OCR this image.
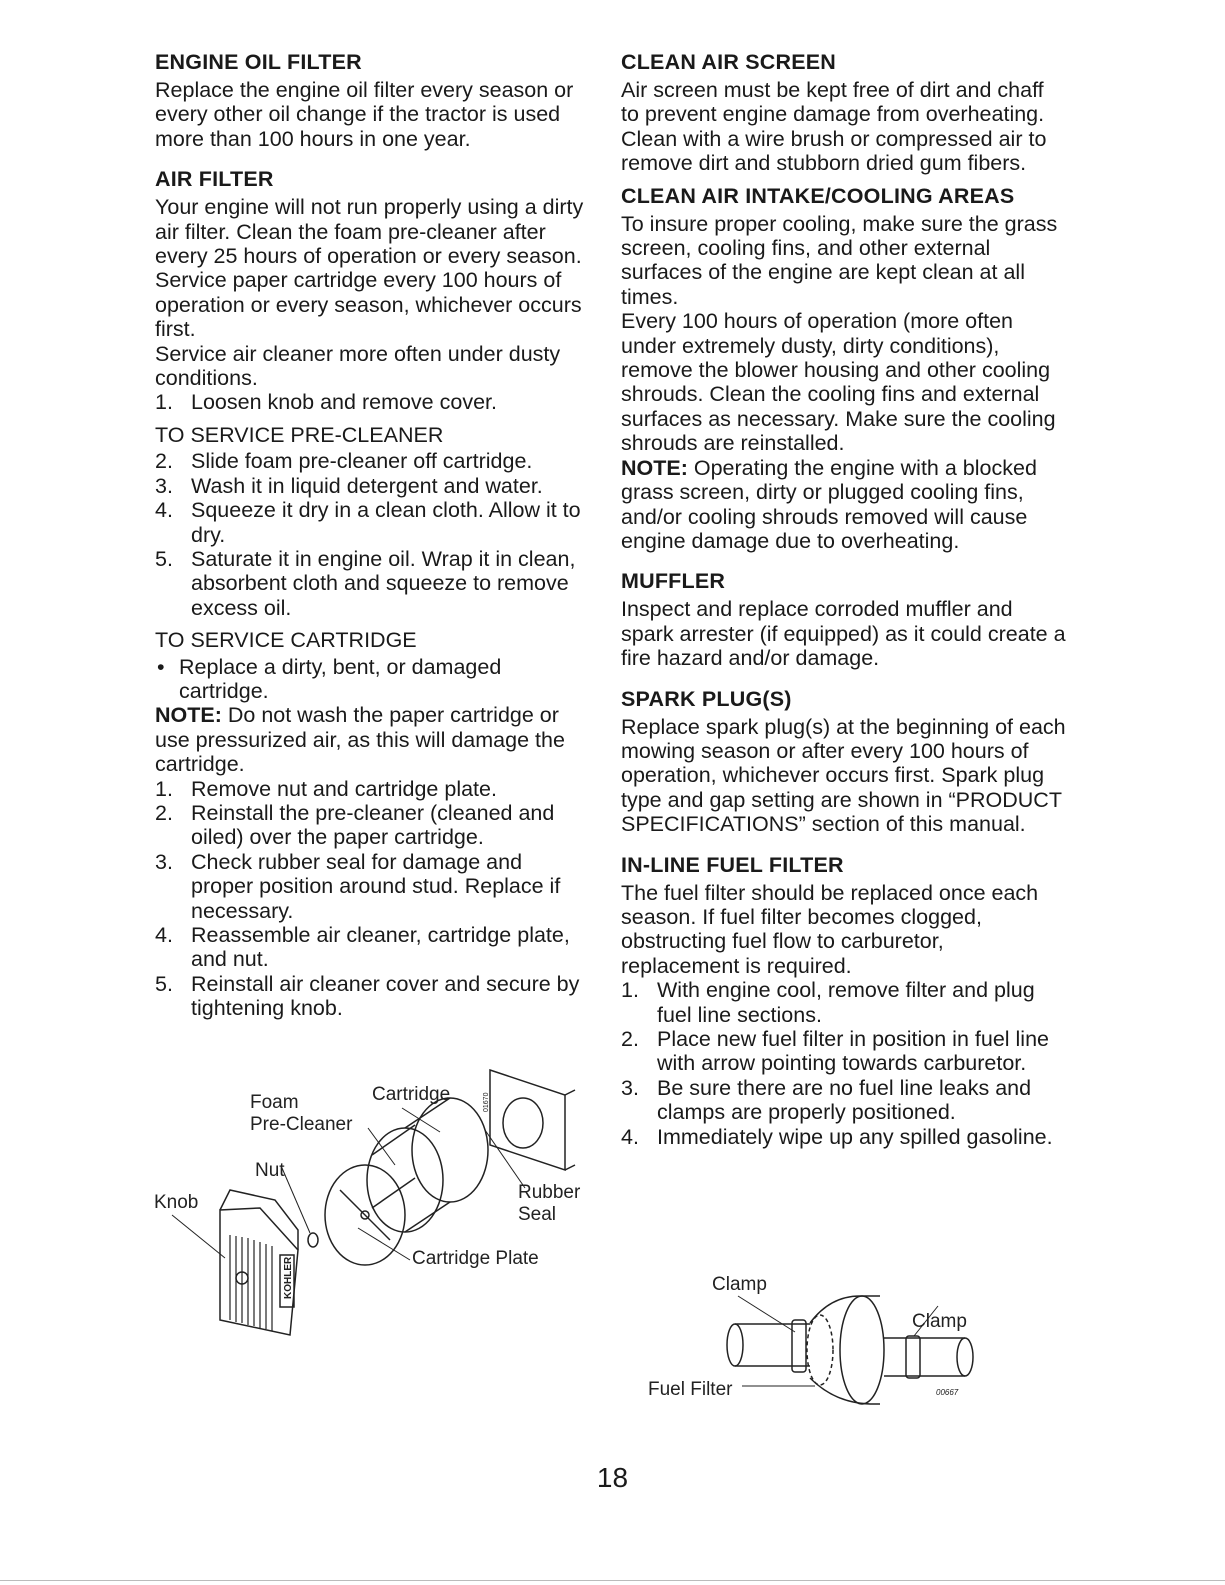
ENGINE OIL FILTER

Replace the engine oil filter every season or every other oil change if the tractor is used more than 100 hours in one year.

AIR FILTER

Your engine will not run properly using a dirty air filter. Clean the foam pre-cleaner after every 25 hours of operation or every season. Service paper cartridge every 100 hours of operation or every season, whichever occurs first.

Service air cleaner more often under dusty conditions.

1. Loosen knob and remove cover.

TO SERVICE PRE-CLEANER

2. Slide foam pre-cleaner off cartridge.
3. Wash it in liquid detergent and water.
4. Squeeze it dry in a clean cloth. Allow it to dry.
5. Saturate it in engine oil. Wrap it in clean, absorbent cloth and squeeze to remove excess oil.

TO SERVICE CARTRIDGE

• Replace a dirty, bent, or damaged cartridge.

NOTE: Do not wash the paper cartridge or use pressurized air, as this will damage the cartridge.

1. Remove nut and cartridge plate.
2. Reinstall the pre-cleaner (cleaned and oiled) over the paper cartridge.
3. Check rubber seal for damage and proper position around stud. Replace if necessary.
4. Reassemble air cleaner, cartridge plate, and nut.
5. Reinstall air cleaner cover and secure by tightening knob.
Foam
Pre-Cleaner
Cartridge
Nut
Knob	Rubber
Seal
Cartridge Plate
KOHLER
01670
CLEAN AIR SCREEN

Air screen must be kept free of dirt and chaff to prevent engine damage from overheating. Clean with a wire brush or compressed air to remove dirt and stubborn dried gum fibers.

CLEAN AIR INTAKE/COOLING AREAS

To insure proper cooling, make sure the grass screen, cooling fins, and other external surfaces of the engine are kept clean at all times.

Every 100 hours of operation (more often under extremely dusty, dirty conditions), remove the blower housing and other cooling shrouds. Clean the cooling fins and external surfaces as necessary. Make sure the cooling shrouds are reinstalled.

NOTE: Operating the engine with a blocked grass screen, dirty or plugged cooling fins, and/or cooling shrouds removed will cause engine damage due to overheating.

MUFFLER

Inspect and replace corroded muffler and spark arrester (if equipped) as it could create a fire hazard and/or damage.

SPARK PLUG(S)

Replace spark plug(s) at the beginning of each mowing season or after every 100 hours of operation, whichever occurs first. Spark plug type and gap setting are shown in “PRODUCT SPECIFICATIONS” section of this manual.

IN-LINE FUEL FILTER

The fuel filter should be replaced once each season. If fuel filter becomes clogged, obstructing fuel flow to carburetor, replacement is required.

1. With engine cool, remove filter and plug fuel line sections.
2. Place new fuel filter in position in fuel line with arrow pointing towards carburetor.
3. Be sure there are no fuel line leaks and clamps are properly positioned.
4. Immediately wipe up any spilled gasoline.
Clamp
Clamp
Fuel Filter	00667
18
